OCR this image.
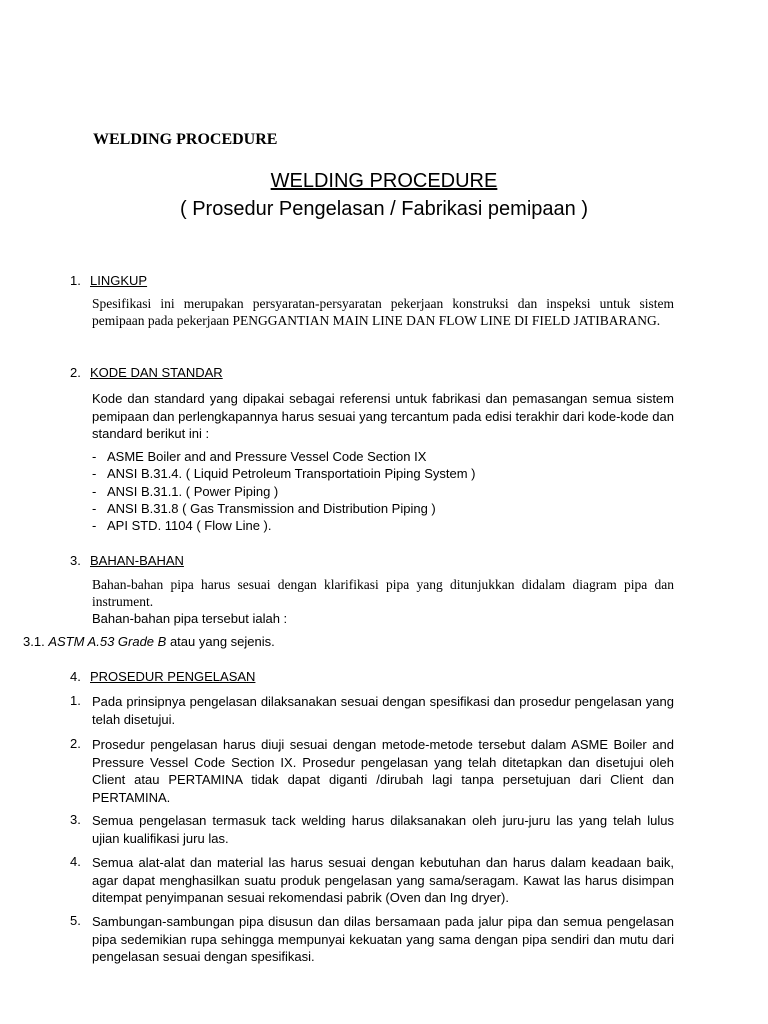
WELDING PROCEDURE
WELDING PROCEDURE
( Prosedur Pengelasan / Fabrikasi pemipaan )
1. LINGKUP
Spesifikasi ini merupakan persyaratan-persyaratan pekerjaan konstruksi dan inspeksi untuk sistem pemipaan pada pekerjaan PENGGANTIAN MAIN LINE DAN FLOW LINE DI FIELD JATIBARANG.
2. KODE DAN STANDAR
Kode dan standard yang dipakai sebagai referensi untuk fabrikasi dan pemasangan semua sistem pemipaan dan perlengkapannya harus sesuai yang tercantum pada edisi terakhir dari kode-kode dan standard berikut ini :
- ASME Boiler and and Pressure Vessel Code Section IX
- ANSI B.31.4. ( Liquid Petroleum Transportatioin Piping System )
- ANSI B.31.1. ( Power Piping )
- ANSI B.31.8 ( Gas Transmission and Distribution Piping )
- API STD. 1104 ( Flow Line ).
3. BAHAN-BAHAN
Bahan-bahan pipa harus sesuai dengan klarifikasi pipa yang ditunjukkan didalam diagram pipa dan instrument.
Bahan-bahan pipa tersebut ialah :
3.1. ASTM A.53 Grade B atau yang sejenis.
4. PROSEDUR PENGELASAN
1. Pada prinsipnya pengelasan dilaksanakan sesuai dengan spesifikasi dan prosedur pengelasan yang telah disetujui.
2. Prosedur pengelasan harus diuji sesuai dengan metode-metode tersebut dalam ASME Boiler and Pressure Vessel Code Section IX. Prosedur pengelasan yang telah ditetapkan dan disetujui oleh Client atau PERTAMINA tidak dapat diganti /dirubah lagi tanpa persetujuan dari Client dan PERTAMINA.
3. Semua pengelasan termasuk tack welding harus dilaksanakan oleh juru-juru las yang telah lulus ujian kualifikasi juru las.
4. Semua alat-alat dan material las harus sesuai dengan kebutuhan dan harus dalam keadaan baik, agar dapat menghasilkan suatu produk pengelasan yang sama/seragam. Kawat las harus disimpan ditempat penyimpanan sesuai rekomendasi pabrik (Oven dan Ing dryer).
5. Sambungan-sambungan pipa disusun dan dilas bersamaan pada jalur pipa dan semua pengelasan pipa sedemikian rupa sehingga mempunyai kekuatan yang sama dengan pipa sendiri dan mutu dari pengelasan sesuai dengan spesifikasi.
